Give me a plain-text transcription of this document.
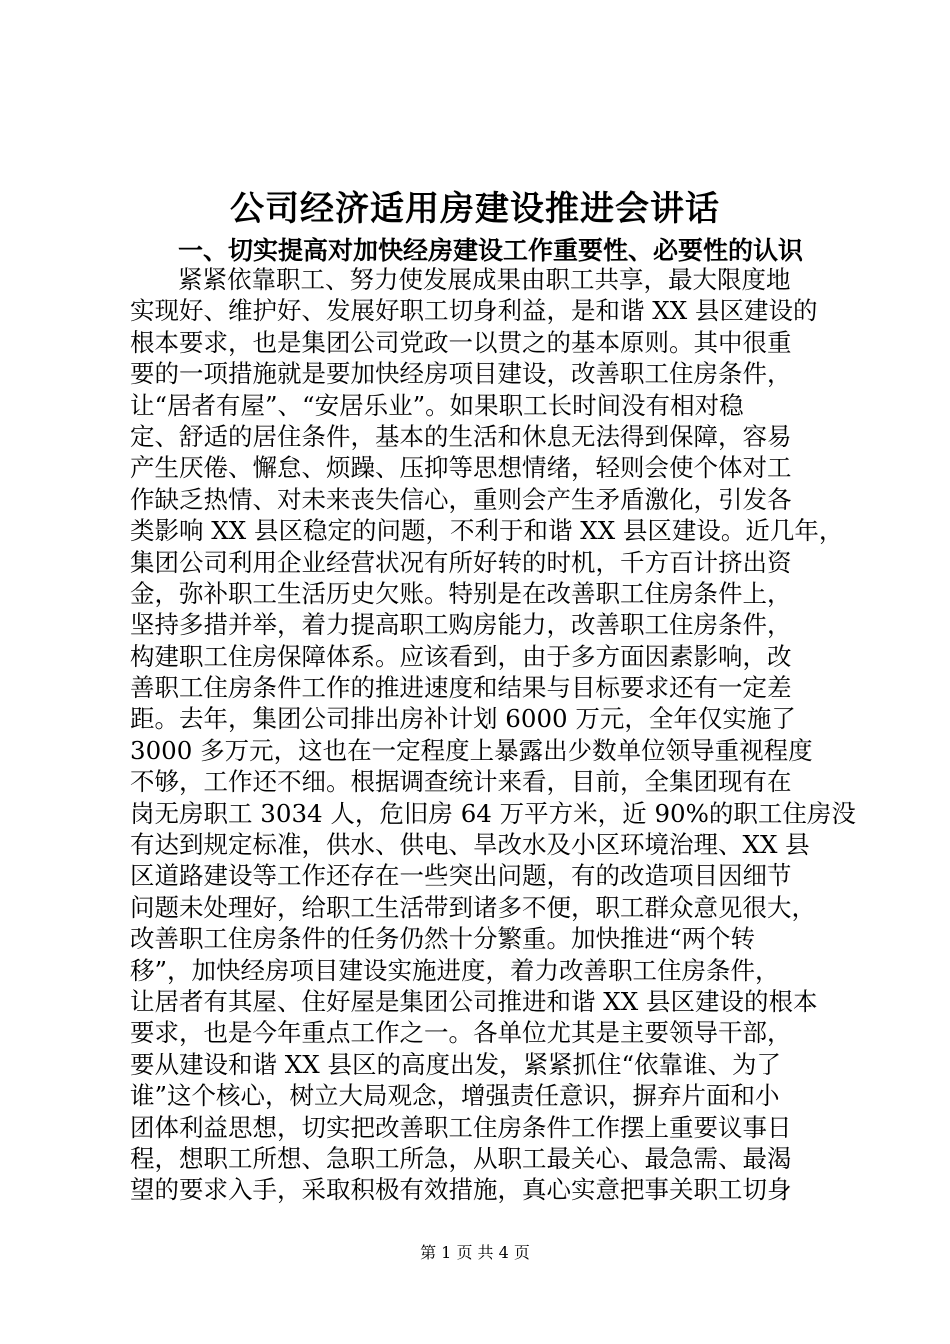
公司经济适用房建设推进会讲话
一、切实提高对加快经房建设工作重要性、必要性的认识
紧紧依靠职工、努力使发展成果由职工共享，最大限度地
实现好、维护好、发展好职工切身利益，是和谐 XX 县区建设的
根本要求，也是集团公司党政一以贯之的基本原则。其中很重
要的一项措施就是要加快经房项目建设，改善职工住房条件，
让“居者有屋”、“安居乐业”。如果职工长时间没有相对稳
定、舒适的居住条件，基本的生活和休息无法得到保障，容易
产生厌倦、懈怠、烦躁、压抑等思想情绪，轻则会使个体对工
作缺乏热情、对未来丧失信心，重则会产生矛盾激化，引发各
类影响 XX 县区稳定的问题，不利于和谐 XX 县区建设。近几年，
集团公司利用企业经营状况有所好转的时机，千方百计挤出资
金，弥补职工生活历史欠账。特别是在改善职工住房条件上，
坚持多措并举，着力提高职工购房能力，改善职工住房条件，
构建职工住房保障体系。应该看到，由于多方面因素影响，改
善职工住房条件工作的推进速度和结果与目标要求还有一定差
距。去年，集团公司排出房补计划 6000 万元，全年仅实施了
3000 多万元，这也在一定程度上暴露出少数单位领导重视程度
不够，工作还不细。根据调查统计来看，目前，全集团现有在
岗无房职工 3034 人，危旧房 64 万平方米，近 90%的职工住房没
有达到规定标准，供水、供电、旱改水及小区环境治理、XX 县
区道路建设等工作还存在一些突出问题，有的改造项目因细节
问题未处理好，给职工生活带到诸多不便，职工群众意见很大，
改善职工住房条件的任务仍然十分繁重。加快推进“两个转
移”，加快经房项目建设实施进度，着力改善职工住房条件，
让居者有其屋、住好屋是集团公司推进和谐 XX 县区建设的根本
要求，也是今年重点工作之一。各单位尤其是主要领导干部，
要从建设和谐 XX 县区的高度出发，紧紧抓住“依靠谁、为了
谁”这个核心，树立大局观念，增强责任意识，摒弃片面和小
团体利益思想，切实把改善职工住房条件工作摆上重要议事日
程，想职工所想、急职工所急，从职工最关心、最急需、最渴
望的要求入手，采取积极有效措施，真心实意把事关职工切身
第 1 页 共 4 页
